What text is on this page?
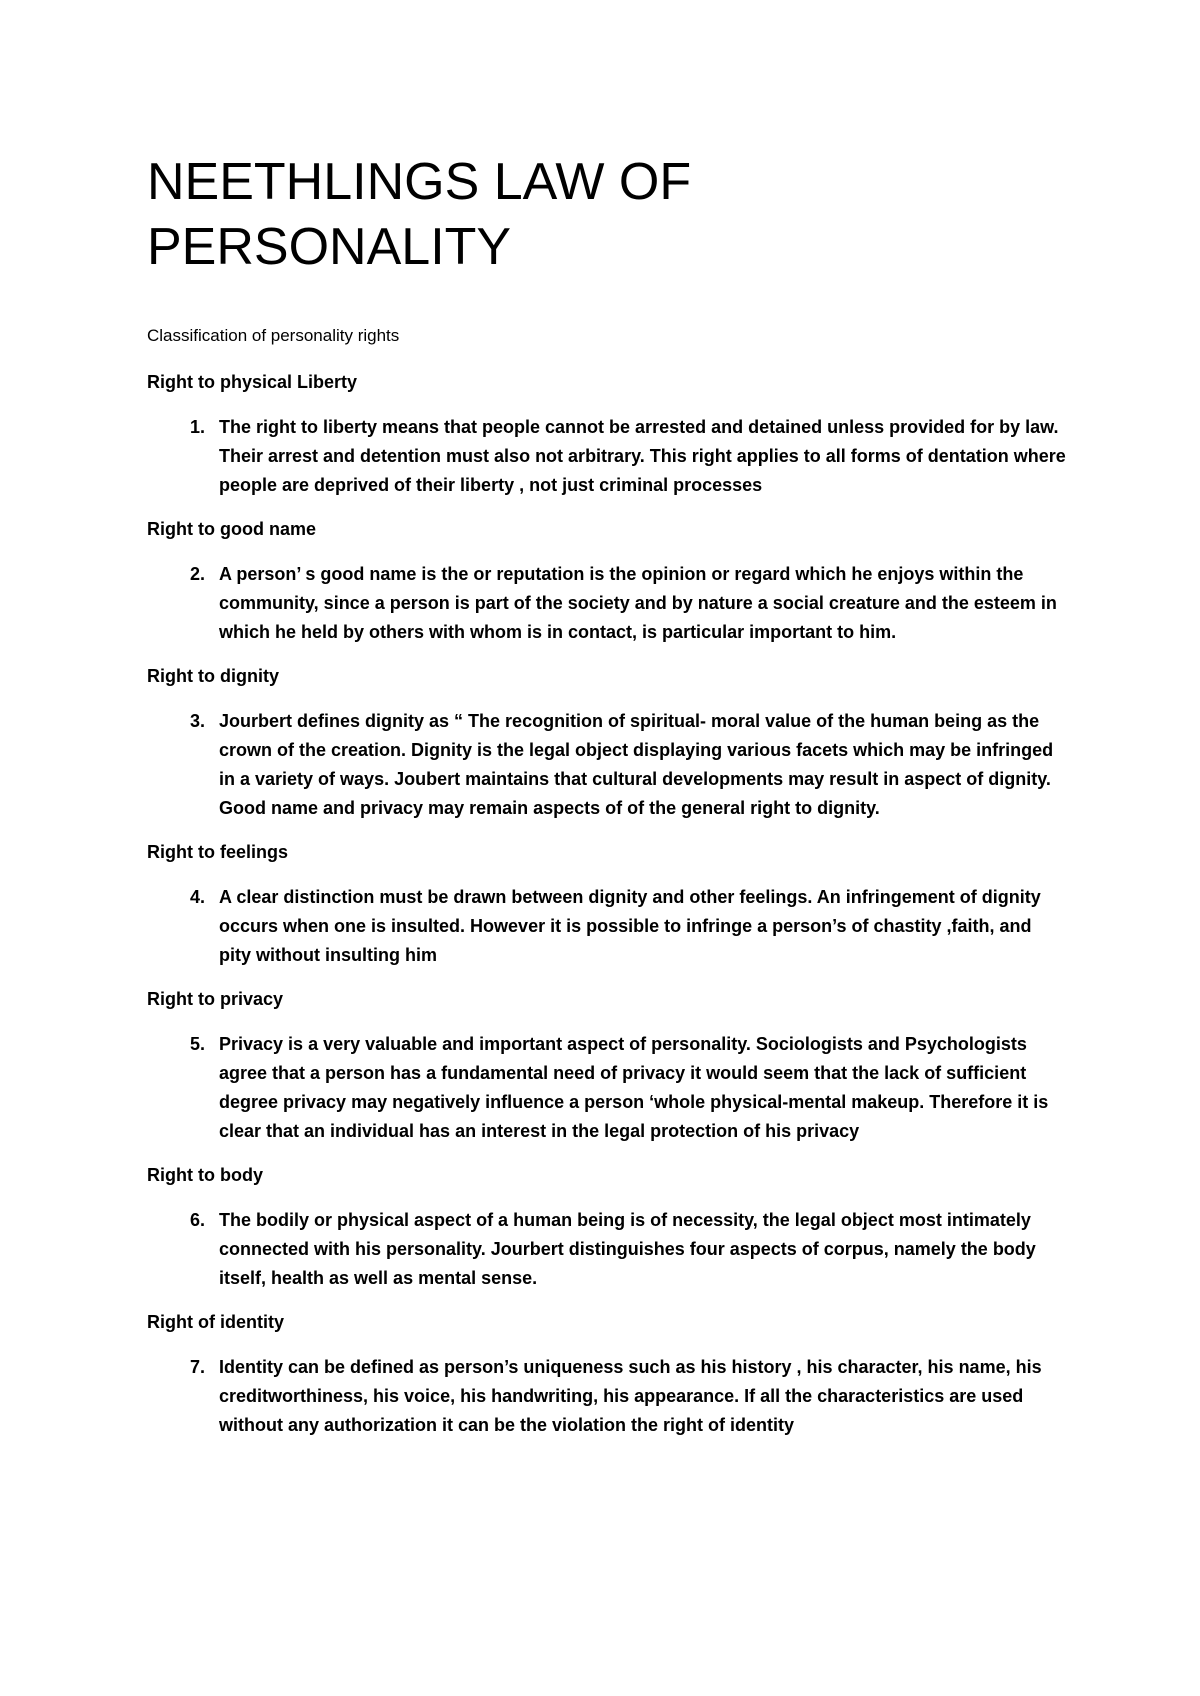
NEETHLINGS LAW OF
PERSONALITY

Classification of personality rights

Right to physical Liberty

1. The right to liberty means that people cannot be arrested and detained unless provided for by law. Their arrest and detention must also not arbitrary. This right applies to all forms of dentation where people are deprived of their liberty , not just criminal processes

Right to good name

2. A person’ s good name is the or reputation is the opinion or regard which he enjoys within the community, since a person is part of the society and by nature a social creature and the esteem in which he held by others with whom is in contact, is particular important to him.

Right to dignity

3. Jourbert defines dignity as “ The recognition of spiritual- moral value of the human being as the crown of the creation. Dignity is the legal object displaying various facets which may be infringed in a variety of ways. Joubert maintains that cultural developments may result in aspect of dignity. Good name and privacy may remain aspects of of the general right to dignity.

Right to feelings

4. A clear distinction must be drawn between dignity and other feelings. An infringement of dignity occurs when one is insulted. However it is possible to infringe a person’s of chastity ,faith, and pity without insulting him

Right to privacy

5. Privacy is a very valuable and important aspect of personality. Sociologists and Psychologists agree that a person has a fundamental need of privacy it would seem that the lack of sufficient degree privacy may negatively influence a person ‘whole physical-mental makeup. Therefore it is clear that an individual has an interest in the legal protection of his privacy

Right to body

6. The bodily or physical aspect of a human being is of necessity, the legal object most intimately connected with his personality. Jourbert distinguishes four aspects of corpus, namely the body itself, health as well as mental sense.

Right of identity

7. Identity can be defined as person’s uniqueness such as his history , his character, his name, his creditworthiness, his voice, his handwriting, his appearance. If all the characteristics are used without any authorization it can be the violation the right of identity
